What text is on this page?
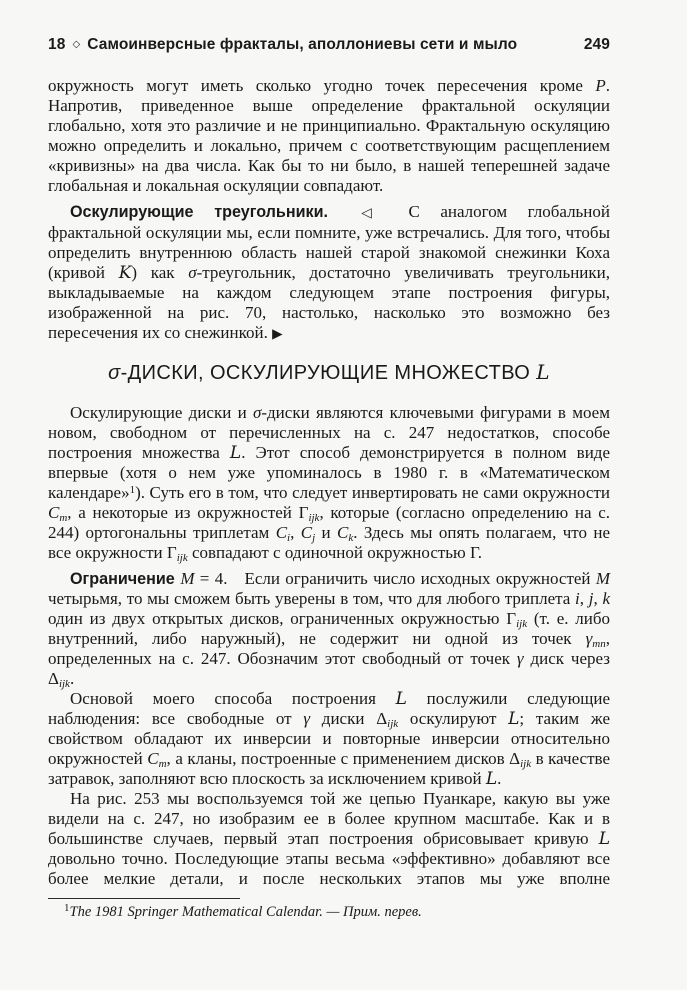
18 ◇ Самоинверсные фракталы, аполлониевы сети и мыло	249

окружность могут иметь сколько угодно точек пересечения кроме P. Напротив, приведенное выше определение фрактальной оскуляции глобально, хотя это различие и не принципиально. Фрактальную оскуляцию можно определить и локально, причем с соответствующим расщеплением «кривизны» на два числа. Как бы то ни было, в нашей теперешней задаче глобальная и локальная оскуляции совпадают.

Оскулирующие треугольники.  ◁ С аналогом глобальной фрактальной оскуляции мы, если помните, уже встречались. Для того, чтобы определить внутреннюю область нашей старой знакомой снежинки Коха (кривой K) как σ-треугольник, достаточно увеличивать треугольники, выкладываемые на каждом следующем этапе построения фигуры, изображенной на рис. 70, настолько, насколько это возможно без пересечения их со снежинкой. ▶

σ-ДИСКИ, ОСКУЛИРУЮЩИЕ МНОЖЕСТВО L

Оскулирующие диски и σ-диски являются ключевыми фигурами в моем новом, свободном от перечисленных на с. 247 недостатков, способе построения множества L. Этот способ демонстрируется в полном виде впервые (хотя о нем уже упоминалось в 1980 г. в «Математическом календаре»$^1$). Суть его в том, что следует инвертировать не сами окружности Cm, а некоторые из окружностей Γijk, которые (согласно определению на с. 244) ортогональны триплетам Ci, Cj и Ck. Здесь мы опять полагаем, что не все окружности Γijk совпадают с одиночной окружностью Γ.

Ограничение M = 4. Если ограничить число исходных окружностей M четырьмя, то мы сможем быть уверены в том, что для любого триплета i, j, k один из двух открытых дисков, ограниченных окружностью Γijk (т. е. либо внутренний, либо наружный), не содержит ни одной из точек γmn, определенных на с. 247. Обозначим этот свободный от точек γ диск через Δijk.

Основой моего способа построения L послужили следующие наблюдения: все свободные от γ диски Δijk оскулируют L; таким же свойством обладают их инверсии и повторные инверсии относительно окружностей Cm, а кланы, построенные с применением дисков Δijk в качестве затравок, заполняют всю плоскость за исключением кривой L.

На рис. 253 мы воспользуемся той же цепью Пуанкаре, какую вы уже видели на с. 247, но изобразим ее в более крупном масштабе. Как и в большинстве случаев, первый этап построения обрисовывает кривую L довольно точно. Последующие этапы весьма «эффективно» добавляют все более мелкие детали, и после нескольких этапов мы уже вполне

$^1$The 1981 Springer Mathematical Calendar. — Прим. перев.
